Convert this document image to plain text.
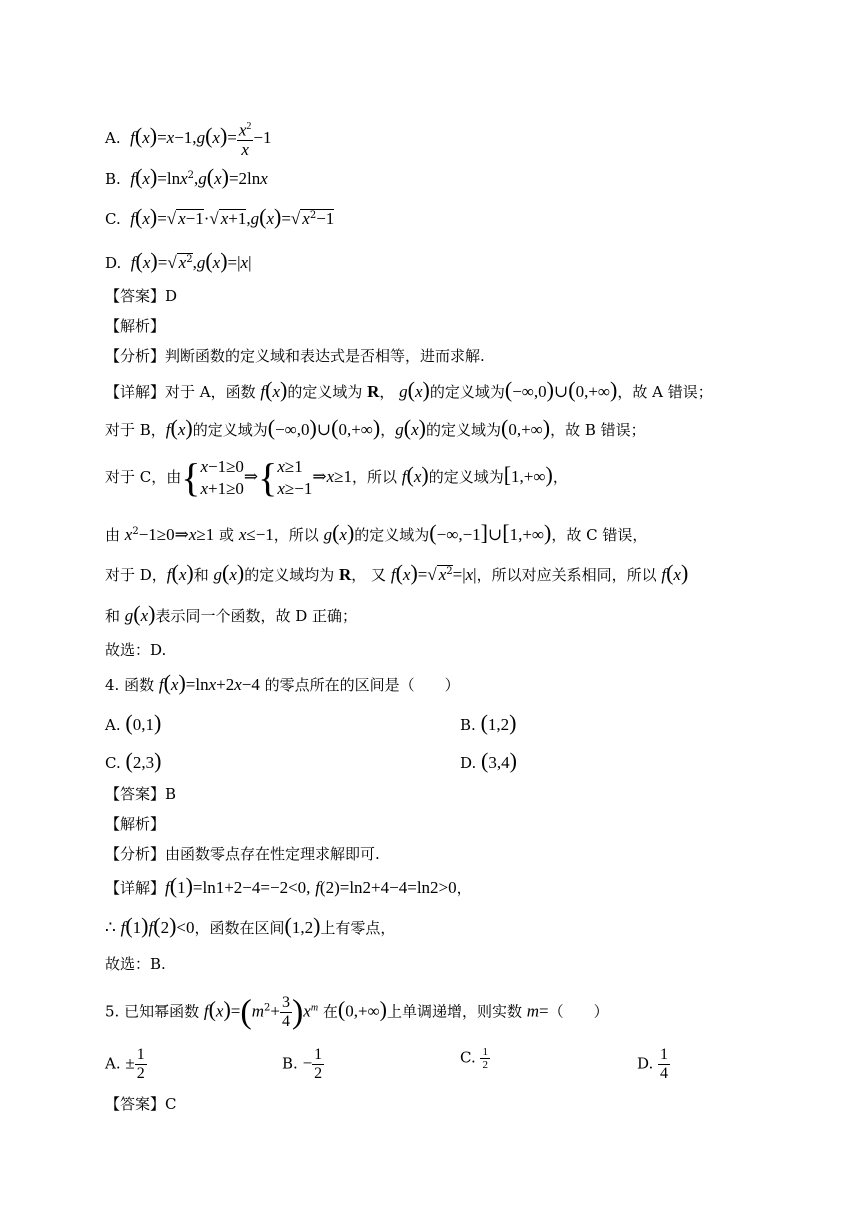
A.  $f(x)=x-1,g(x)= \frac{x^2}{x} -1$
B.  f(x)=lnx$^2$,g(x)=2lnx
C.  f(x)=√ x−1·√ x+1,g(x)=√ $x^2-1$
D.  f(x)=√ $x^2,g(x)=|x|$
【答案】D
【解析】
【分析】判断函数的定义域和表达式是否相等，进而求解.
【详解】对于 A，函数 f(x)的定义域为 R， g(x)的定义域为(−∞,0)∪(0,+∞)，故 A 错误；
对于 B，f(x)的定义域为(−∞,0)∪(0,+∞)，g(x)的定义域为(0,+∞)，故 B 错误；
对于 C，由{ x−1≥0
x+1≥0
⇒{ x≥1
x≥−1
⇒x≥1，所以 f(x)的定义域为[1,+∞)，
由 $x^2-1\ge 0\Rightarrow x\ge 1$ 或 x≤−1，所以 g(x)的定义域为(−∞,−1]∪[1,+∞)，故 C 错误，
对于 D，f(x)和 g(x)的定义域均为 R， 又 f(x)=√ $x^2=|x|$，所以对应关系相同，所以 f(x)
和 g(x)表示同一个函数，故 D 正确；
故选：D.
4. 函数 f(x)=lnx+2x−4 的零点所在的区间是（　　）
A. (0,1)	B. (1,2)
C. (2,3)	D. (3,4)
【答案】B
【解析】
【分析】由函数零点存在性定理求解即可.
【详解】f(1)=ln1+2−4=−2<0, f(2)=ln2+4−4=ln2>0，
∴ f(1)f(2)<0，函数在区间(1,2)上有零点，
故选：B.
5. 已知幂函数 $f(x)=(m^2+ \frac{3}{4} )x^m$ 在(0,+∞)上单调递增，则实数 m=（　　）
A. ± $\frac{1}{2}$	B. − $\frac{1}{2}$	C. $\frac{1}{2}$	D. $\frac{1}{4}$
【答案】C
